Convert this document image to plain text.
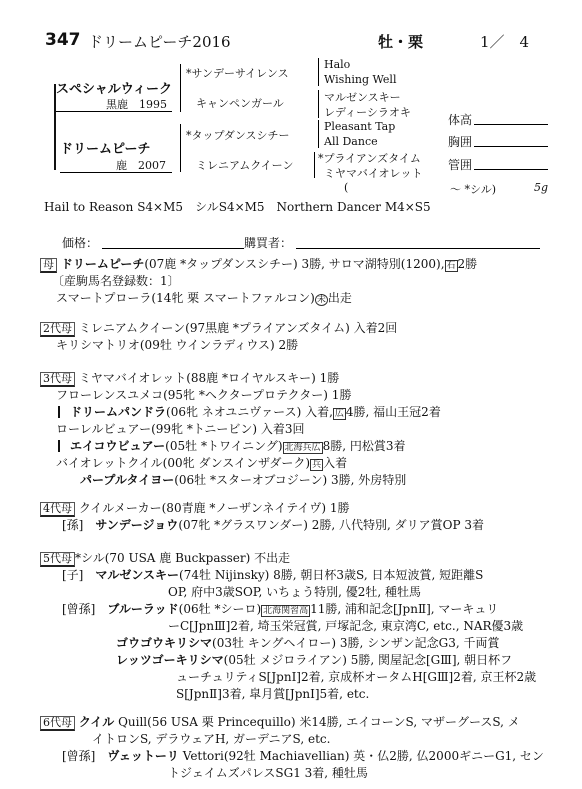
347 ドリームピーチ2016	牡・栗	1／　4
スペシャルウィーク
黒鹿　1995
ドリームピーチ
鹿　2007
*サンデーサイレンス
キャンペンガール
*タップダンスシチー
ミレニアムクイーン
Halo
Wishing Well
マルゼンスキー
レディーシラオキ
Pleasant Tap
All Dance
*プライアンズタイム
ミヤマバイオレット
(
体高
胸囲
管囲
～ *シル)	5g
Hail to Reason S4×M5　シルS4×M5　Northern Dancer M4×S5
価格：	購買者：
母 ドリームピーチ(07鹿 *タップダンスシチー) 3勝, サロマ湖特別(1200), 石 2勝
〔産駒馬名登録数：1〕
スマートプローラ(14牝 栗 スマートファルコン) 未 出走
2代母 ミレニアムクイーン(97黒鹿 *プライアンズタイム) 入着2回
キリシマトリオ(09牡 ウインラディウス) 2勝
3代母 ミヤマバイオレット(88鹿 *ロイヤルスキー) 1勝
フローレンスユメコ(95牝 *ヘクタープロテクター) 1勝
ドリームパンドラ(06牝 ネオユニヴァース) 入着, 広 4勝, 福山王冠2着
ローレルビュアー(99牝 *トニービン) 入着3回
エイコウビュアー(05牡 *トワイニング) 北海兵広 8勝, 円松賞3着
バイオレットクイル(00牝 ダンスインザダーク) 兵 入着
パープルタイヨー(06牡 *スターオブコジーン) 3勝, 外房特別
4代母 クイルメーカー(80青鹿 *ノーザンネイテイヴ) 1勝
[孫]　 サンデージョウ(07牝 *グラスワンダー) 2勝, 八代特別, ダリア賞OP 3着
5代母 *シル(70 USA 鹿 Buckpasser) 不出走
[子]　 マルゼンスキー(74牡 Nijinsky) 8勝, 朝日杯3歳S, 日本短波賞, 短距離S
OP, 府中3歳SOP, いちょう特別, 優2牡, 種牡馬
[曾孫]　 ブルーラッド(06牡 *シーロ) 北海関習高 11勝, 浦和記念[JpnⅡ], マーキュリ
ーC[JpnⅢ]2着, 埼玉栄冠賞, 戸塚記念, 東京湾C, etc., NAR優3歳
ゴウゴウキリシマ(03牡 キングヘイロー) 3勝, シンザン記念G3, 千両賞
レッツゴーキリシマ(05牡 メジロライアン) 5勝, 関屋記念[GⅢ], 朝日杯フ
ューチュリティS[JpnⅠ]2着, 京成杯オータムH[GⅢ]2着, 京王杯2歳
S[JpnⅡ]3着, 皐月賞[JpnⅠ]5着, etc.
6代母 クイル Quill(56 USA 栗 Princequillo) 米14勝, エイコーンS, マザーグースS, メ
イトロンS, デラウェアH, ガーデニアS, etc.
[曾孫]　 ヴェットーリ Vettori(92牡 Machiavellian) 英・仏2勝, 仏2000ギニーG1, セン
トジェイムズパレスSG1 3着, 種牡馬
